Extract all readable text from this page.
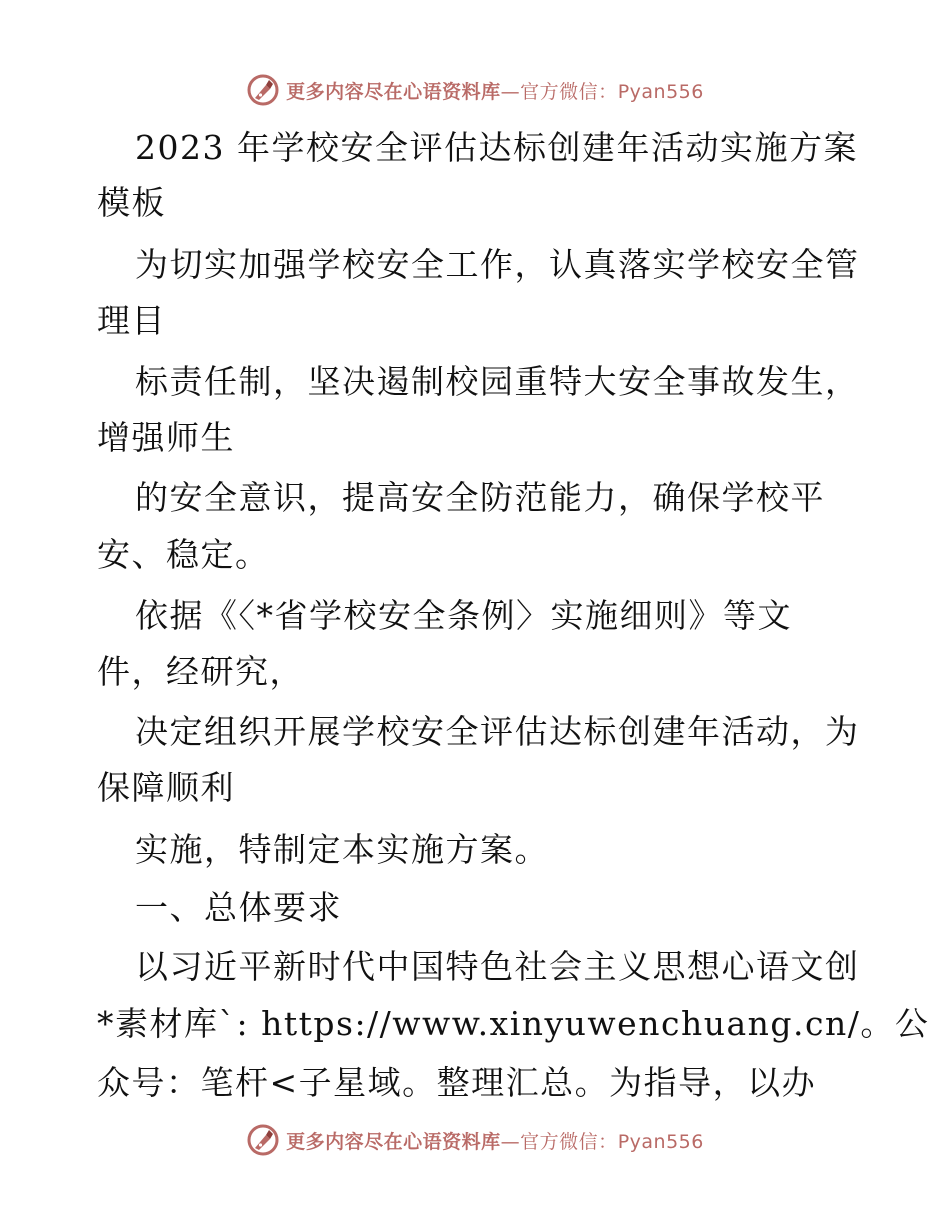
更多内容尽在心语资料库—官方微信：Pyan556
2023 年学校安全评估达标创建年活动实施方案
模板
为切实加强学校安全工作，认真落实学校安全管
理目
标责任制，坚决遏制校园重特大安全事故发生，
增强师生
的安全意识，提高安全防范能力，确保学校平
安、稳定。
依据《〈*省学校安全条例〉实施细则》等文
件，经研究，
决定组织开展学校安全评估达标创建年活动，为
保障顺利
实施，特制定本实施方案。
一、总体要求
以习近平新时代中国特色社会主义思想心语文创
*素材库`: https://www.xinyuwenchuang.cn/。公
众号：笔杆<子星域。整理汇总。为指导，以办
更多内容尽在心语资料库—官方微信：Pyan556
